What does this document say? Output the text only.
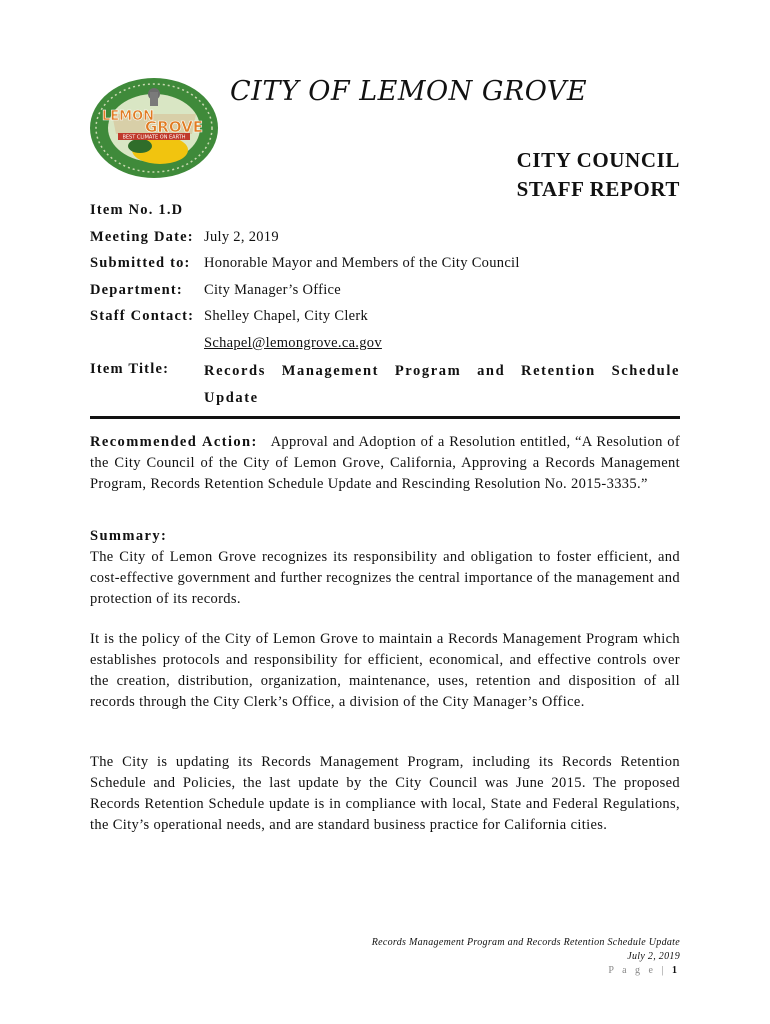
BEST CLIMATE ON EARTH
LEMON
GROVE
CITY OF LEMON GROVE
CITY COUNCIL
STAFF REPORT
Item No. 1.D
Meeting Date: July 2, 2019
Submitted to: Honorable Mayor and Members of the City Council
Department: City Manager’s Office
Staff Contact: Shelley Chapel, City Clerk
Schapel@lemongrove.ca.gov
Item Title: Records Management Program and Retention Schedule Update
Recommended Action: Approval and Adoption of a Resolution entitled, “A Resolution of the City Council of the City of Lemon Grove, California, Approving a Records Management Program, Records Retention Schedule Update and Rescinding Resolution No. 2015-3335.”
Summary:
The City of Lemon Grove recognizes its responsibility and obligation to foster efficient, and cost-effective government and further recognizes the central importance of the management and protection of its records.
It is the policy of the City of Lemon Grove to maintain a Records Management Program which establishes protocols and responsibility for efficient, economical, and effective controls over the creation, distribution, organization, maintenance, uses, retention and disposition of all records through the City Clerk’s Office, a division of the City Manager’s Office.
The City is updating its Records Management Program, including its Records Retention Schedule and Policies, the last update by the City Council was June 2015. The proposed Records Retention Schedule update is in compliance with local, State and Federal Regulations, the City’s operational needs, and are standard business practice for California cities.
Records Management Program and Records Retention Schedule Update
July 2, 2019
P a g e | 1
